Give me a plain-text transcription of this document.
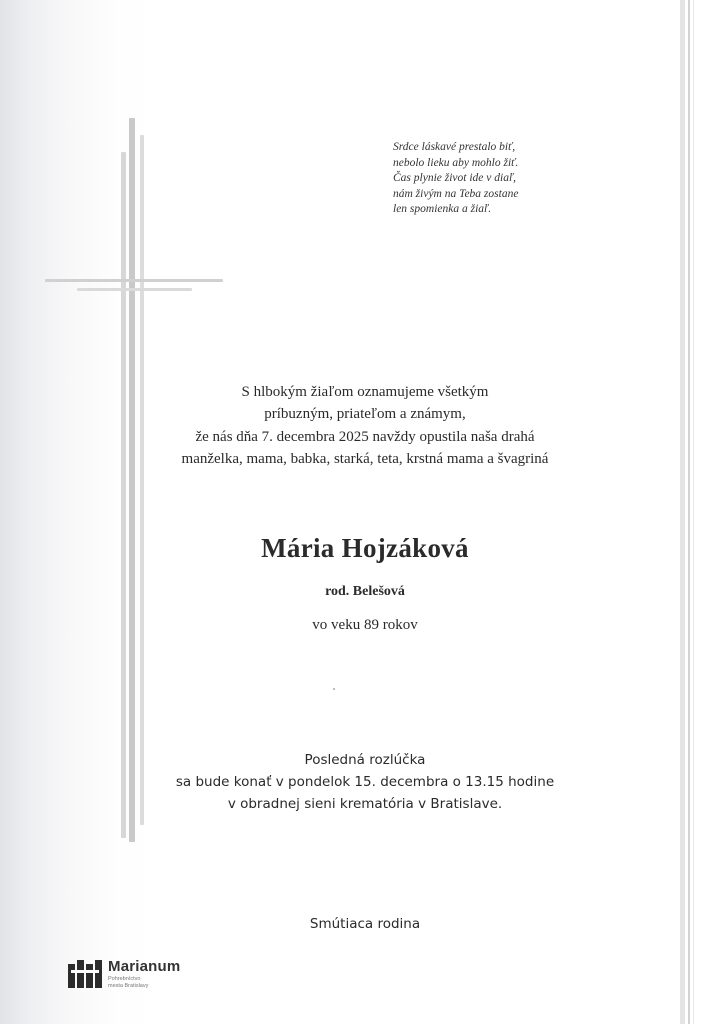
Srdce láskavé prestalo biť,
nebolo lieku aby mohlo žiť.
Čas plynie život ide v diaľ,
nám živým na Teba zostane
len spomienka a žiaľ.
S hlbokým žiaľom oznamujeme všetkým
príbuzným, priateľom a známym,
že nás dňa 7. decembra 2025 navždy opustila naša drahá
manželka, mama, babka, starká, teta, krstná mama a švagriná
Mária Hojzáková
rod. Belešová
vo veku 89 rokov
Posledná rozlúčka
sa bude konať v pondelok 15. decembra o 13.15 hodine
v obradnej sieni krematória v Bratislave.
Smútiaca rodina
Marianum
Pohrebníctvo
mesta Bratislavy
